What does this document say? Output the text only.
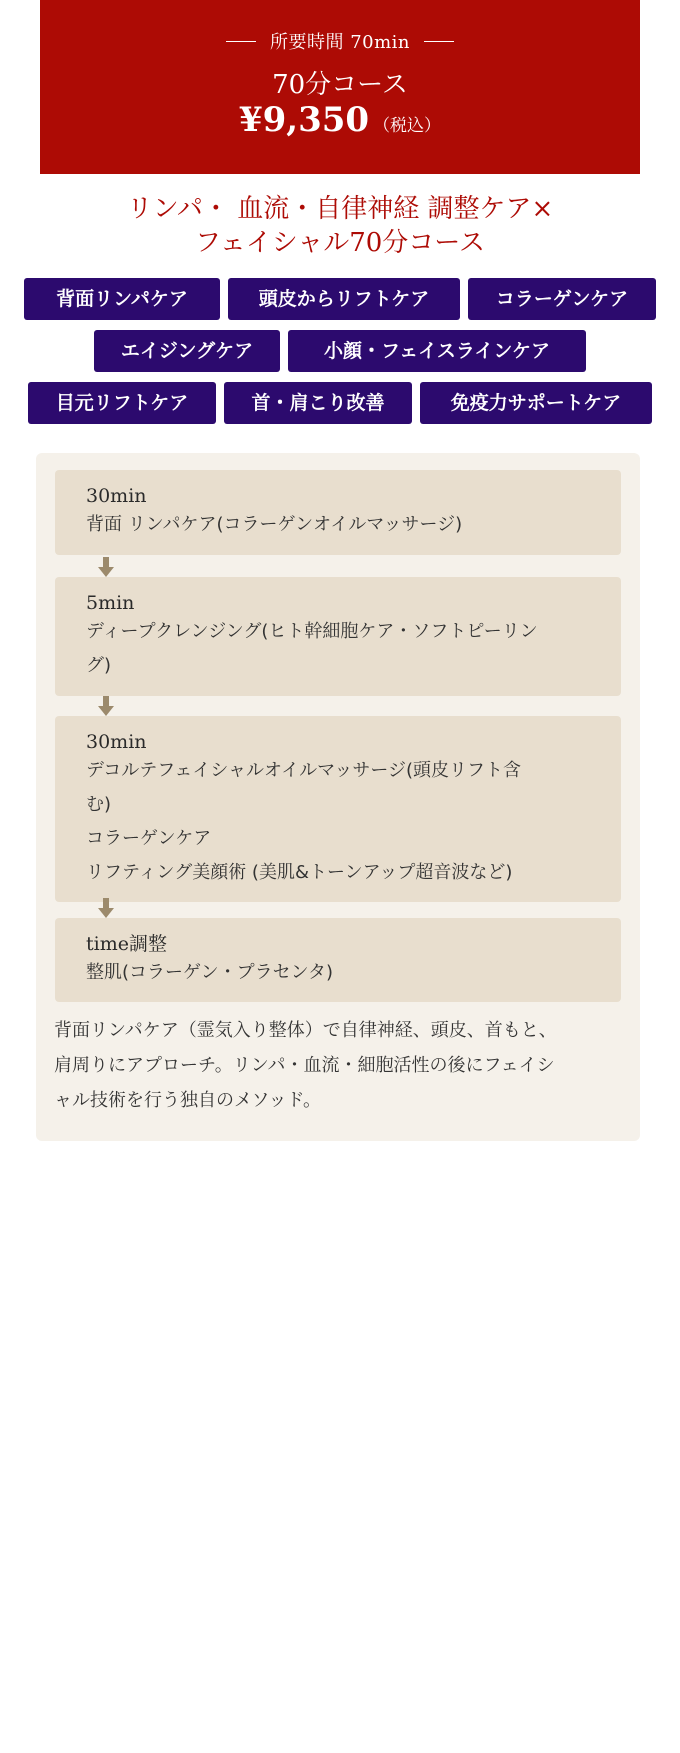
所要時間 70min
70分コース
¥9,350 （税込）
リンパ・ 血流・自律神経 調整ケア×
フェイシャル70分コース
背面リンパケア	頭皮からリフトケア	コラーゲンケア
エイジングケア	小顔・フェイスラインケア
目元リフトケア	首・肩こり改善	免疫力サポートケア
30min
背面 リンパケア(コラーゲンオイルマッサージ)
5min
ディープクレンジング(ヒト幹細胞ケア・ソフトピーリン
グ)
30min
デコルテフェイシャルオイルマッサージ(頭皮リフト含
む)
コラーゲンケア
リフティング美顔術 (美肌&トーンアップ超音波など)
time調整
整肌(コラーゲン・プラセンタ)
背面リンパケア（霊気入り整体）で自律神経、頭皮、首もと、
肩周りにアプローチ。リンパ・血流・細胞活性の後にフェイシ
ャル技術を行う独自のメソッド。
